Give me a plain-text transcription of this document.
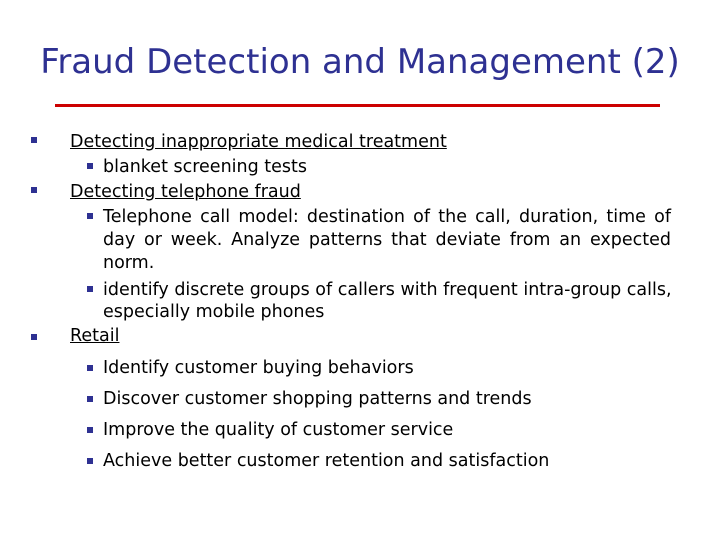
Fraud Detection and Management (2)
Detecting inappropriate medical treatment
blanket screening tests
Detecting telephone fraud
Telephone call model: destination of the call, duration, time of
day or week. Analyze patterns that deviate from an expected
norm.
identify discrete groups of callers with frequent intra-group calls,
especially mobile phones
Retail
Identify customer buying behaviors
Discover customer shopping patterns and trends
Improve the quality of customer service
Achieve better customer retention and satisfaction
